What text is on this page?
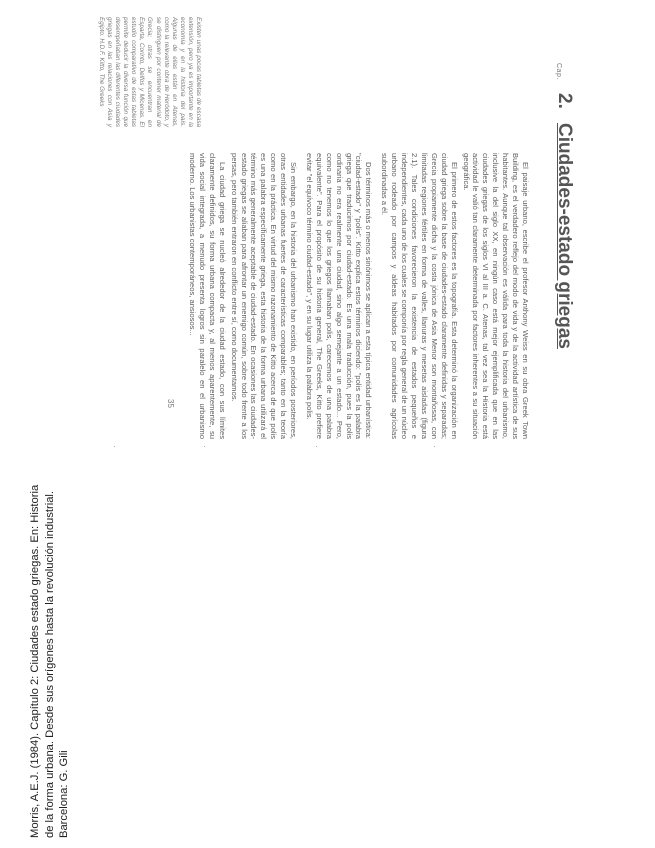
Morris, A.E.J. (1984). Capítulo 2: Ciudades estado griegas. En: Historia de la forma urbana. Desde sus orígenes hasta la revolución industrial. Barcelona: G. Gili
Cap.
2.
Ciudades-estado griegas

El paisaje urbano, escribe el profesor Anthony Weiss en su obra Greek Town Building, es el verdadero reflejo del modo de vida y de la actividad artística de sus habitantes. Aunque tal observación es válida para toda la historia del urbanismo, inclusive la del siglo XX, en ningún caso está mejor ejemplificada que en las ciudades griegas de los siglos VI al III a. C. Atenas, tal vez sea la Historia está actividad le valió tan claramente determinada por factores inherentes a su situación geográfica.

El primero de estos factores es la topografía. Esta determinó la organización en ciudad griega sobre la base de ciudades-estado claramente definidas y separadas; Grecia propiamente dicha y la costa jónica de Asia Menor son montañosas, con limitadas regiones fértiles en forma de valles, llanuras y mesetas aisladas (figura 2.1). Tales condiciones favorecieron la existencia de estados pequeños e independientes, cada uno de los cuales se componía por regla general de un núcleo urbano rodeado por campos y aldeas habitados por comunidades agrícolas subordinadas a él.

Dos términos más o menos sinónimos se aplican a esta típica entidad urbanística: "ciudad-estado" y "polis". Kitto explica estos términos diciendo: "polis es la palabra griega que traducimos por ciudad-estado. Es una mala traducción, pues la polis ordinaria no era realmente una ciudad, sino algo semejante a un estado... Pero, como no tenemos lo que los griegos llamaban polis, carecemos de una palabra equivalente". Para el propósito de su historia general, The Greeks, Kitto prefiere evitar "el equívoco término ciudad-estado", y en su lugar utiliza la palabra polis.

Sin embargo, en la historia del urbanismo han existido, en períodos posteriores, otras entidades urbanas fuertes de características comparables; tanto en la teoría como en la práctica. En virtud del mismo razonamiento de Kitto acerca de que polis es una palabra específicamente griega, esta historia de la forma urbana utilizará el término más generalmente aceptable de ciudad-estado. En ocasiones las ciudades-estado griegas se aliaban para afrontar un enemigo común, sobre todo frente a los persas, pero también entraron en conflicto entre sí, como documentamos.

La ciudad griega se nucleó alrededor de la ciudad estado, con sus límites claramente definidos, su forma urbana compacta y, al menos aparentemente, su vida social integrada, a menudo presenta logros sin paralelo en el urbanismo moderno. Los urbanistas contemporáneos, ansiosos...

Existen unas pocas tabletas de escasa extensión, pero ya es importante en la economía y en la historia del país. Algunas de ellas están en Atenas, como la relevante obra de Heródoto, y se distinguen por contener material de Grecia; otras se encuentran en Esparta, Corinto, Delfos y Micenas. El estudio comparativo de estas tabletas permite deducir la diversa función que desempeñaban las diferentes ciudades griegas en las relaciones con Asia y Egipto. H.D.F. Kitto, The Greeks
35
·
·
·
·
